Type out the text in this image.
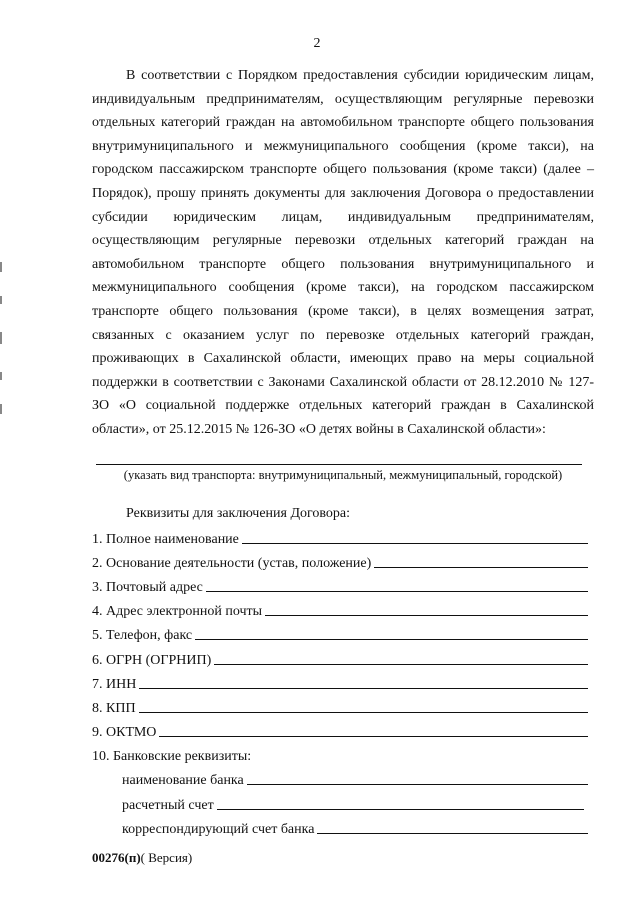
2

В соответствии с Порядком предоставления субсидии юридическим лицам, индивидуальным предпринимателям, осуществляющим регулярные перевозки отдельных категорий граждан на автомобильном транспорте общего пользования внутримуниципального и межмуниципального сообщения (кроме такси), на городском пассажирском транспорте общего пользования (кроме такси) (далее – Порядок), прошу принять документы для заключения Договора о предоставлении субсидии юридическим лицам, индивидуальным предпринимателям, осуществляющим регулярные перевозки отдельных категорий граждан на автомобильном транспорте общего пользования внутримуниципального и межмуниципального сообщения (кроме такси), на городском пассажирском транспорте общего пользования (кроме такси), в целях возмещения затрат, связанных с оказанием услуг по перевозке отдельных категорий граждан, проживающих в Сахалинской области, имеющих право на меры социальной поддержки в соответствии с Законами Сахалинской области от 28.12.2010 № 127-ЗО «О социальной поддержке отдельных категорий граждан в Сахалинской области», от 25.12.2015 № 126-ЗО «О детях войны в Сахалинской области»:

(указать вид транспорта: внутримуниципальный, межмуниципальный, городской)
Реквизиты для заключения Договора:
1. Полное наименование
2. Основание деятельности (устав, положение)
3. Почтовый адрес
4. Адрес электронной почты
5. Телефон, факс
6. ОГРН (ОГРНИП)
7. ИНН
8. КПП
9. ОКТМО
10. Банковские реквизиты:
наименование банка
расчетный счет
корреспондирующий счет банка
00276(п)( Версия)
